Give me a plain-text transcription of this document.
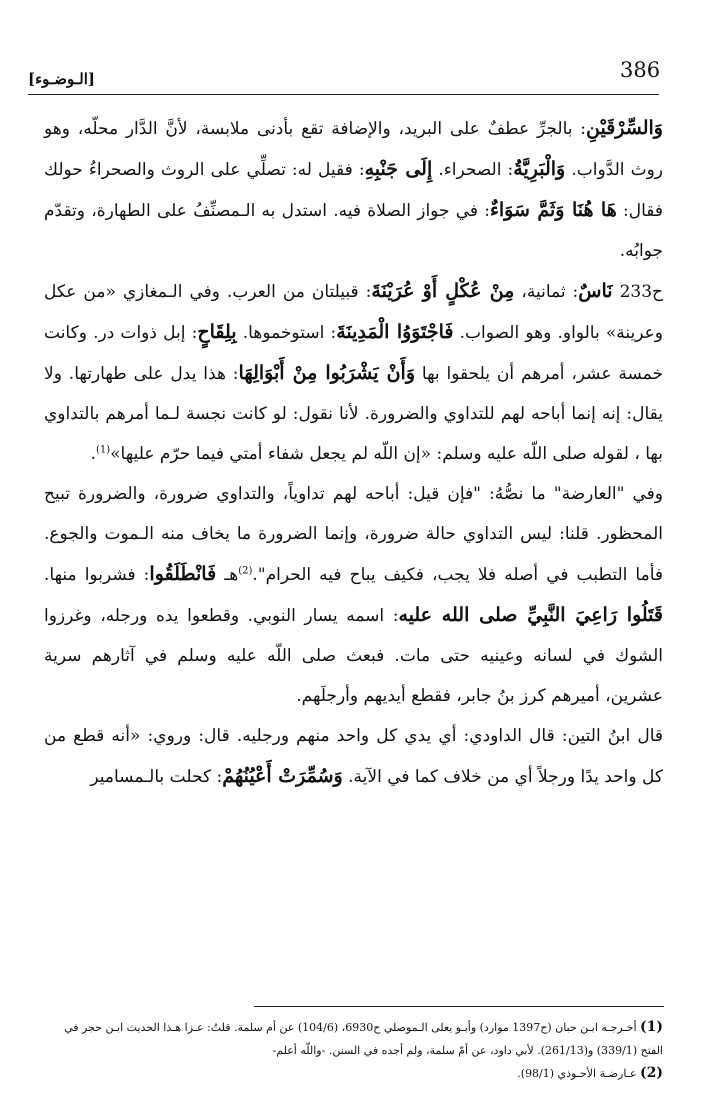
386
[الـوضـوء]

وَالسِّرْقَيْنِ: بالجرِّ عطفٌ على البريد، والإضافة تقع بأدنى ملابسة، لأنَّ الدَّار محلّه، وهو روث الدَّواب. وَالْبَرِيَّةُ: الصحراء. إِلَى جَنْبِهِ: فقيل له: تصلِّي على الروث والصحراءُ حولك فقال: هَا هُنَا وَثَمَّ سَوَاءٌ: في جواز الصلاة فيه. استدل به الـمصنِّفُ على الطهارة، وتقدّم جوابُه.

ح233 نَاسٌ: ثمانية، مِنْ عُكْلٍ أَوْ عُرَيْنَةَ: قبيلتان من العرب. وفي الـمغازي «من عكل وعرينة» بالواو. وهو الصواب. فَاجْتَوَوُا الْمَدِينَةَ: استوخموها. بِلِقَاحٍ: إبل ذوات در. وكانت خمسة عشر، أمرهم أن يلحقوا بها وَأَنْ يَشْرَبُوا مِنْ أَبْوَالِهَا: هذا يدل على طهارتها. ولا يقال: إنه إنما أباحه لهم للتداوي والضرورة. لأنا نقول: لو كانت نجسة لـما أمرهم بالتداوي بها ، لقوله صلى اللّه عليه وسلم: «إن اللّه لم يجعل شفاء أمتي فيما حرّم عليها»$^{(1)}$.

وفي "العارضة" ما نصُّهُ: "فإن قيل: أباحه لهم تداوياً، والتداوي ضرورة، والضرورة تبيح المحظور. قلنا: ليس التداوي حالة ضرورة، وإنما الضرورة ما يخاف منه الـموت والجوع. فأما التطبب في أصله فلا يجب، فكيف يباح فيه الحرام".$^{(2)}$هـ فَانْطَلَقُوا: فشربوا منها. قَتَلُوا رَاعِيَ النَّبِيِّ صلى الله عليه: اسمه يسار النوبي. وقطعوا يده ورجله، وغرزوا الشوك في لسانه وعينيه حتى مات. فبعث صلى اللّه عليه وسلم في آثارهم سرية عشرين، أميرهم كرز بنُ جابر، فقطع أيديهم وأرجلَهم.

قال ابنُ التين: قال الداودي: أي يدي كل واحد منهم ورجليه. قال: وروي: «أنه قطع من كل واحد يدًا ورجلاً أي من خلاف كما في الآية. وَسُمِّرَتْ أَعْيُنُهُمْ: كحلت بالـمسامير

(1) أخـرجـه ابـن حبان (ح1397 موارد) وأبـو يعلى الـموصلي ح6930، (104/6) عن أم سلمة. قلتُ: عـزا هـذا الحديث ابـن حجر في الفتح (339/1) و(261/13). لأبي داود، عن أمّ سلمة، ولم أجده في السنن. -واللّه أعلم-

(2) عـارضـة الأحـوذي (98/1).
